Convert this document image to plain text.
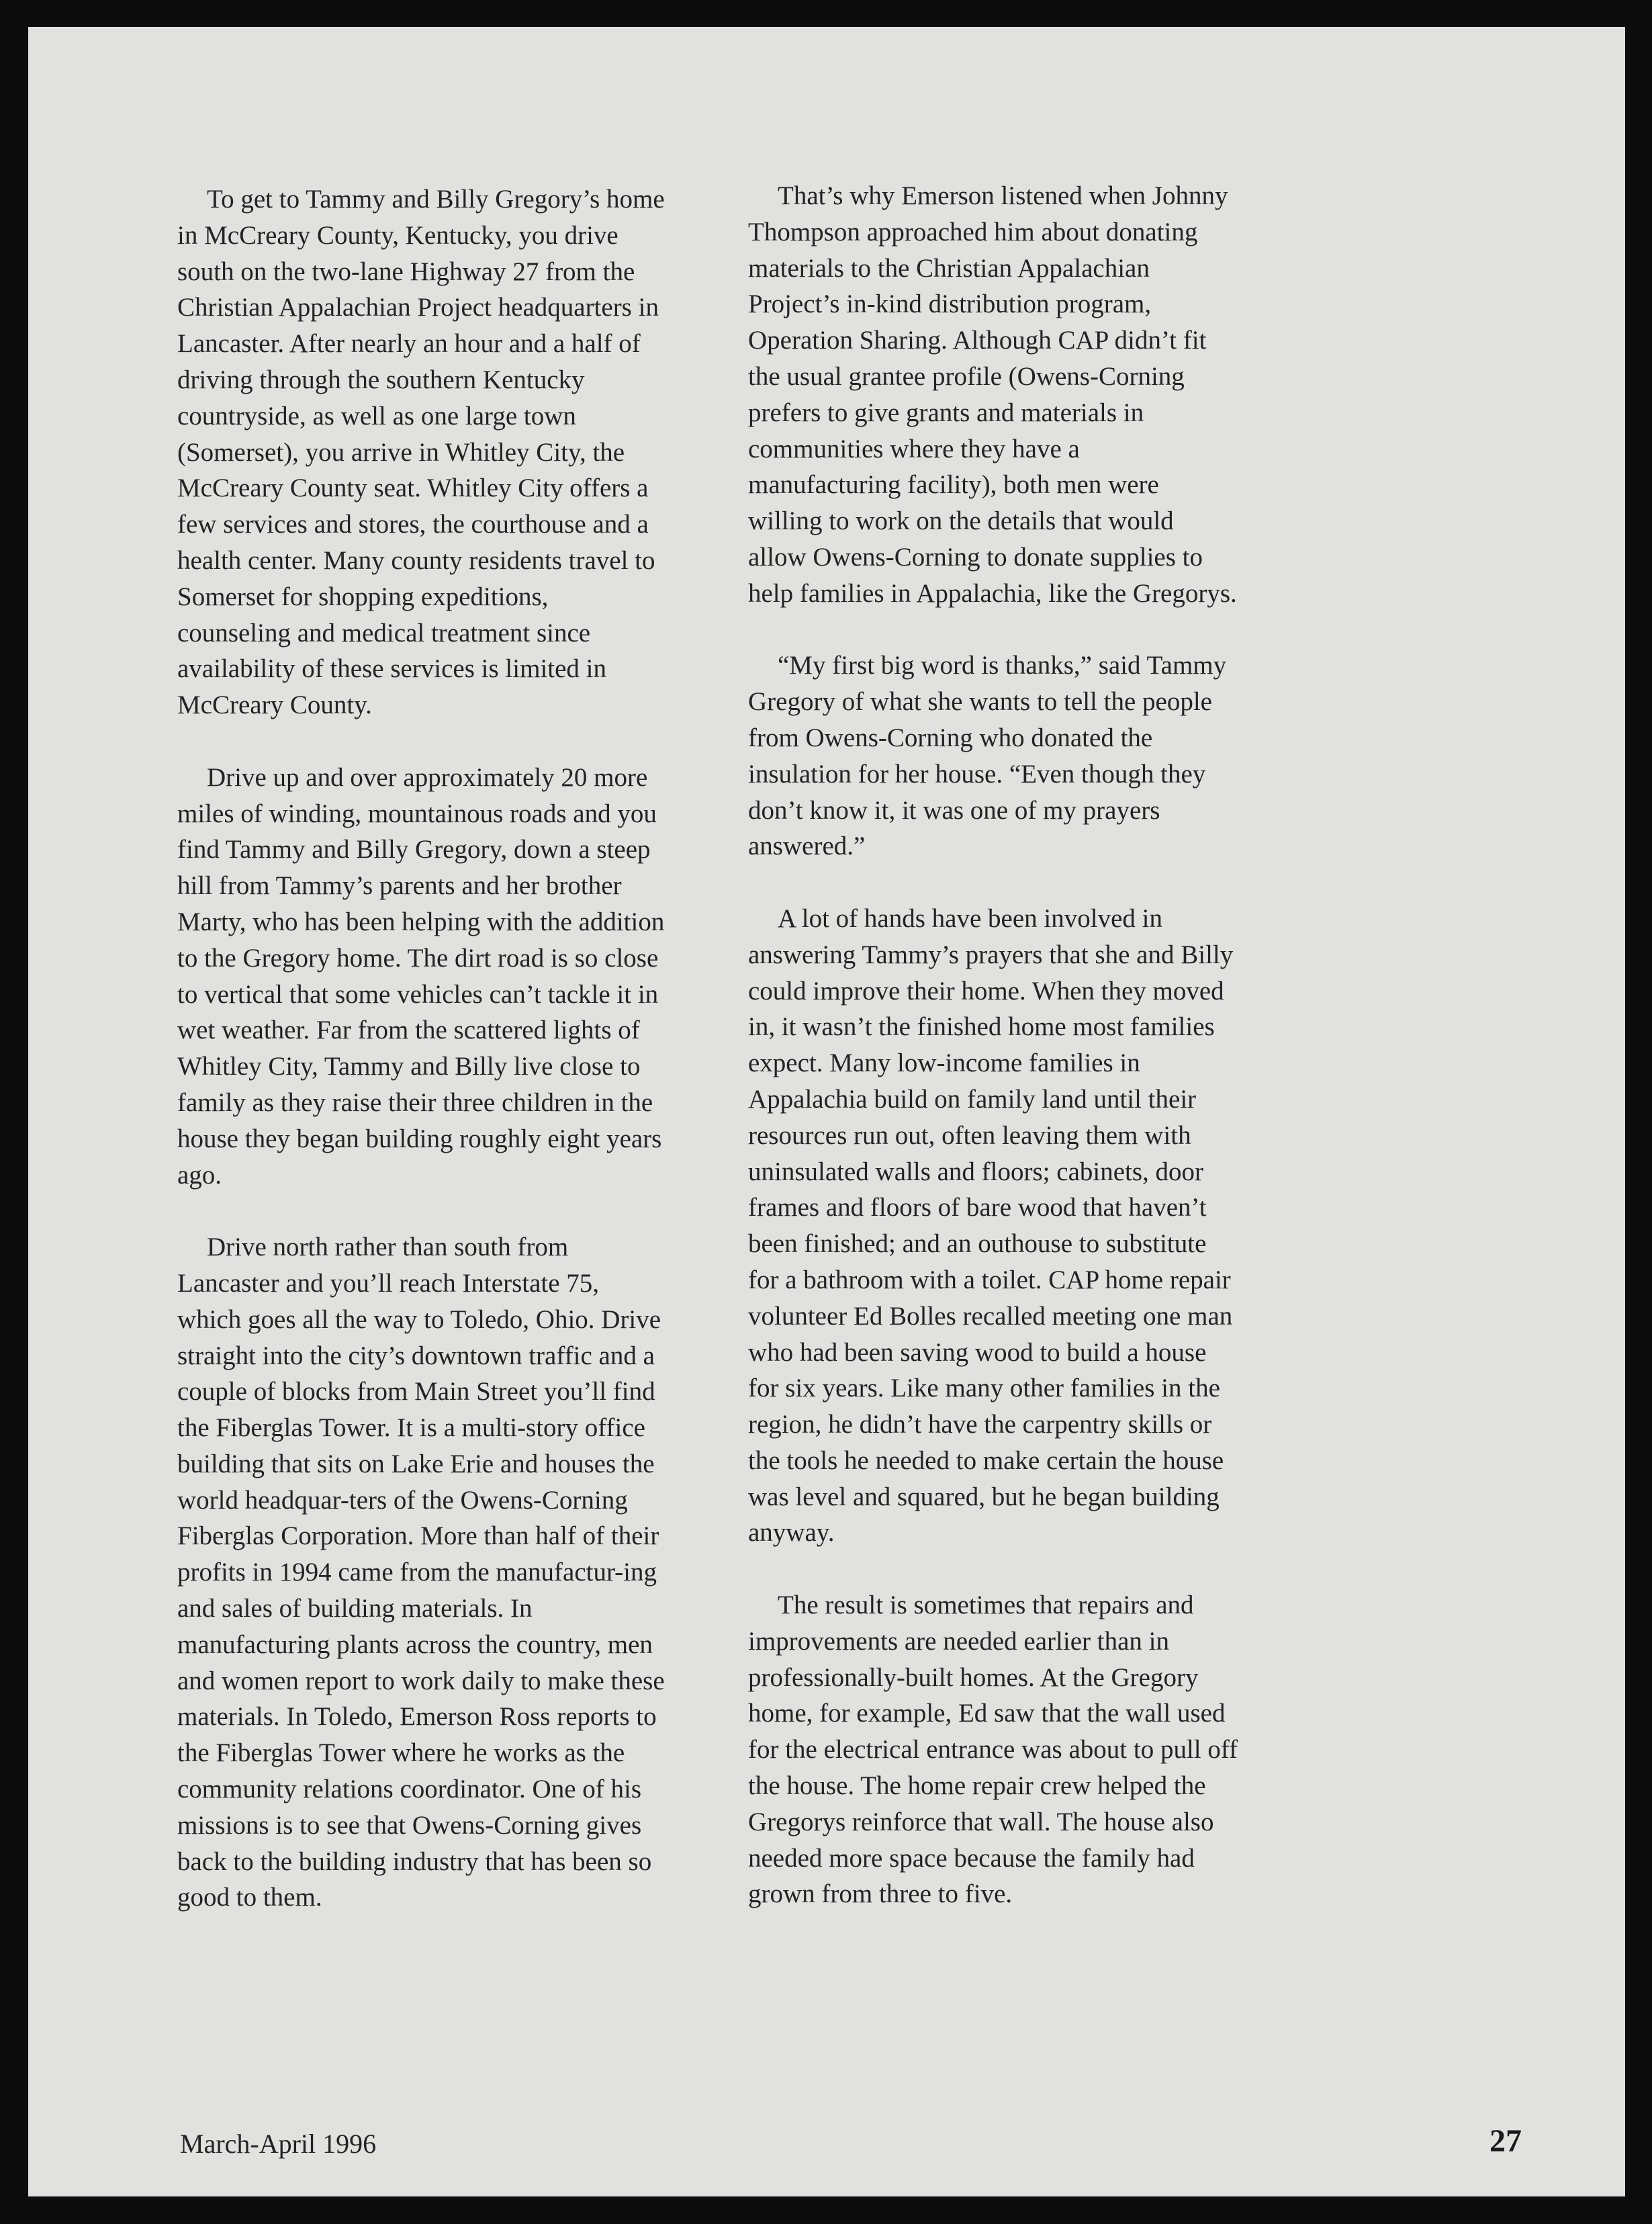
To get to Tammy and Billy Gregory’s home in McCreary County, Kentucky, you drive south on the two-lane Highway 27 from the Christian Appalachian Project headquarters in Lancaster. After nearly an hour and a half of driving through the southern Kentucky countryside, as well as one large town (Somerset), you arrive in Whitley City, the McCreary County seat. Whitley City offers a few services and stores, the courthouse and a health center. Many county residents travel to Somerset for shopping expeditions, counseling and medical treatment since availability of these services is limited in McCreary County.

Drive up and over approximately 20 more miles of winding, mountainous roads and you find Tammy and Billy Gregory, down a steep hill from Tammy’s parents and her brother Marty, who has been helping with the addition to the Gregory home. The dirt road is so close to vertical that some vehicles can’t tackle it in wet weather. Far from the scattered lights of Whitley City, Tammy and Billy live close to family as they raise their three children in the house they began building roughly eight years ago.

Drive north rather than south from Lancaster and you’ll reach Interstate 75, which goes all the way to Toledo, Ohio. Drive straight into the city’s downtown traffic and a couple of blocks from Main Street you’ll find the Fiberglas Tower. It is a multi-story office building that sits on Lake Erie and houses the world headquar-ters of the Owens-Corning Fiberglas Corporation. More than half of their profits in 1994 came from the manufactur-ing and sales of building materials. In manufacturing plants across the country, men and women report to work daily to make these materials. In Toledo, Emerson Ross reports to the Fiberglas Tower where he works as the community relations coordinator. One of his missions is to see that Owens-Corning gives back to the building industry that has been so good to them.

That’s why Emerson listened when Johnny Thompson approached him about donating materials to the Christian Appalachian Project’s in-kind distribution program, Operation Sharing. Although CAP didn’t fit the usual grantee profile (Owens-Corning prefers to give grants and materials in communities where they have a manufacturing facility), both men were willing to work on the details that would allow Owens-Corning to donate supplies to help families in Appalachia, like the Gregorys.

“My first big word is thanks,” said Tammy Gregory of what she wants to tell the people from Owens-Corning who donated the insulation for her house. “Even though they don’t know it, it was one of my prayers answered.”

A lot of hands have been involved in answering Tammy’s prayers that she and Billy could improve their home. When they moved in, it wasn’t the finished home most families expect. Many low-income families in Appalachia build on family land until their resources run out, often leaving them with uninsulated walls and floors; cabinets, door frames and floors of bare wood that haven’t been finished; and an outhouse to substitute for a bathroom with a toilet. CAP home repair volunteer Ed Bolles recalled meeting one man who had been saving wood to build a house for six years. Like many other families in the region, he didn’t have the carpentry skills or the tools he needed to make certain the house was level and squared, but he began building anyway.

The result is sometimes that repairs and improvements are needed earlier than in professionally-built homes. At the Gregory home, for example, Ed saw that the wall used for the electrical entrance was about to pull off the house. The home repair crew helped the Gregorys reinforce that wall. The house also needed more space because the family had grown from three to five.

March-April 1996	27
